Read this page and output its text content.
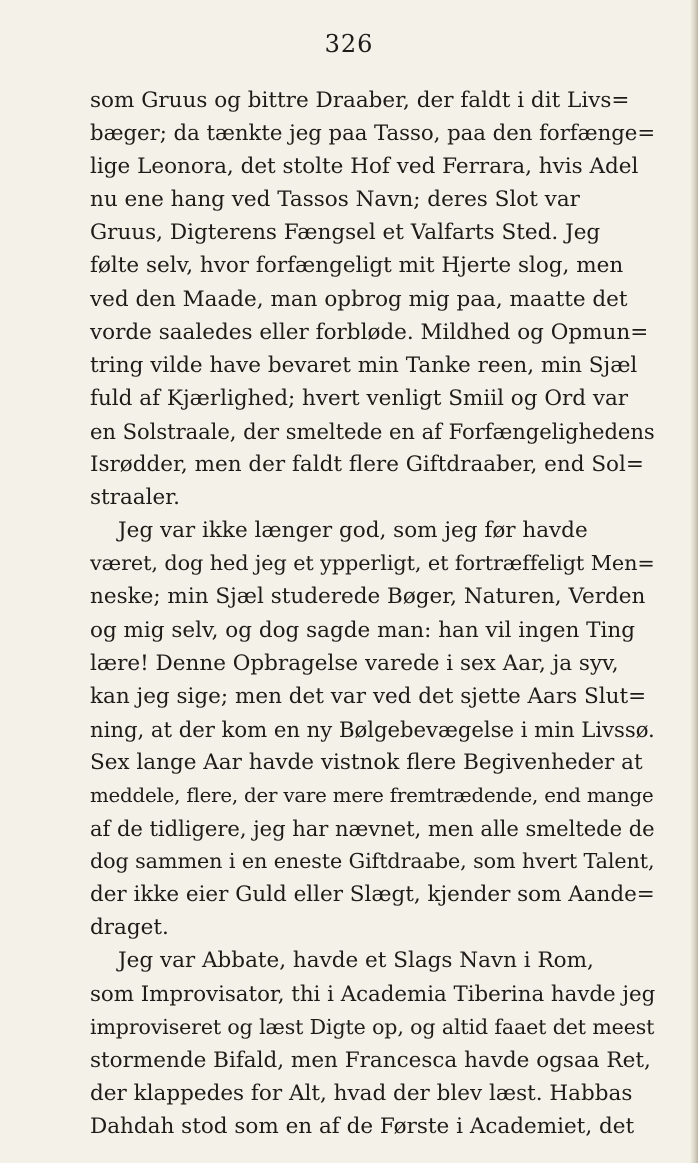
326
som Gruus og bittre Draaber, der faldt i dit Livs=
bæger; da tænkte jeg paa Tasso, paa den forfænge=
lige Leonora, det stolte Hof ved Ferrara, hvis Adel
nu ene hang ved Tassos Navn; deres Slot var
Gruus, Digterens Fængsel et Valfarts Sted. Jeg
følte selv, hvor forfængeligt mit Hjerte slog, men
ved den Maade, man opbrog mig paa, maatte det
vorde saaledes eller forbløde. Mildhed og Opmun=
tring vilde have bevaret min Tanke reen, min Sjæl
fuld af Kjærlighed; hvert venligt Smiil og Ord var
en Solstraale, der smeltede en af Forfængelighedens
Isrødder, men der faldt flere Giftdraaber, end Sol=
straaler.
Jeg var ikke længer god, som jeg før havde
været, dog hed jeg et ypperligt, et fortræffeligt Men=
neske; min Sjæl studerede Bøger, Naturen, Verden
og mig selv, og dog sagde man: han vil ingen Ting
lære! Denne Opbragelse varede i sex Aar, ja syv,
kan jeg sige; men det var ved det sjette Aars Slut=
ning, at der kom en ny Bølgebevægelse i min Livssø.
Sex lange Aar havde vistnok flere Begivenheder at
meddele, flere, der vare mere fremtrædende, end mange
af de tidligere, jeg har nævnet, men alle smeltede de
dog sammen i en eneste Giftdraabe, som hvert Talent,
der ikke eier Guld eller Slægt, kjender som Aande=
draget.
Jeg var Abbate, havde et Slags Navn i Rom,
som Improvisator, thi i Academia Tiberina havde jeg
improviseret og læst Digte op, og altid faaet det meest
stormende Bifald, men Francesca havde ogsaa Ret,
der klappedes for Alt, hvad der blev læst. Habbas
Dahdah stod som en af de Første i Academiet, det
